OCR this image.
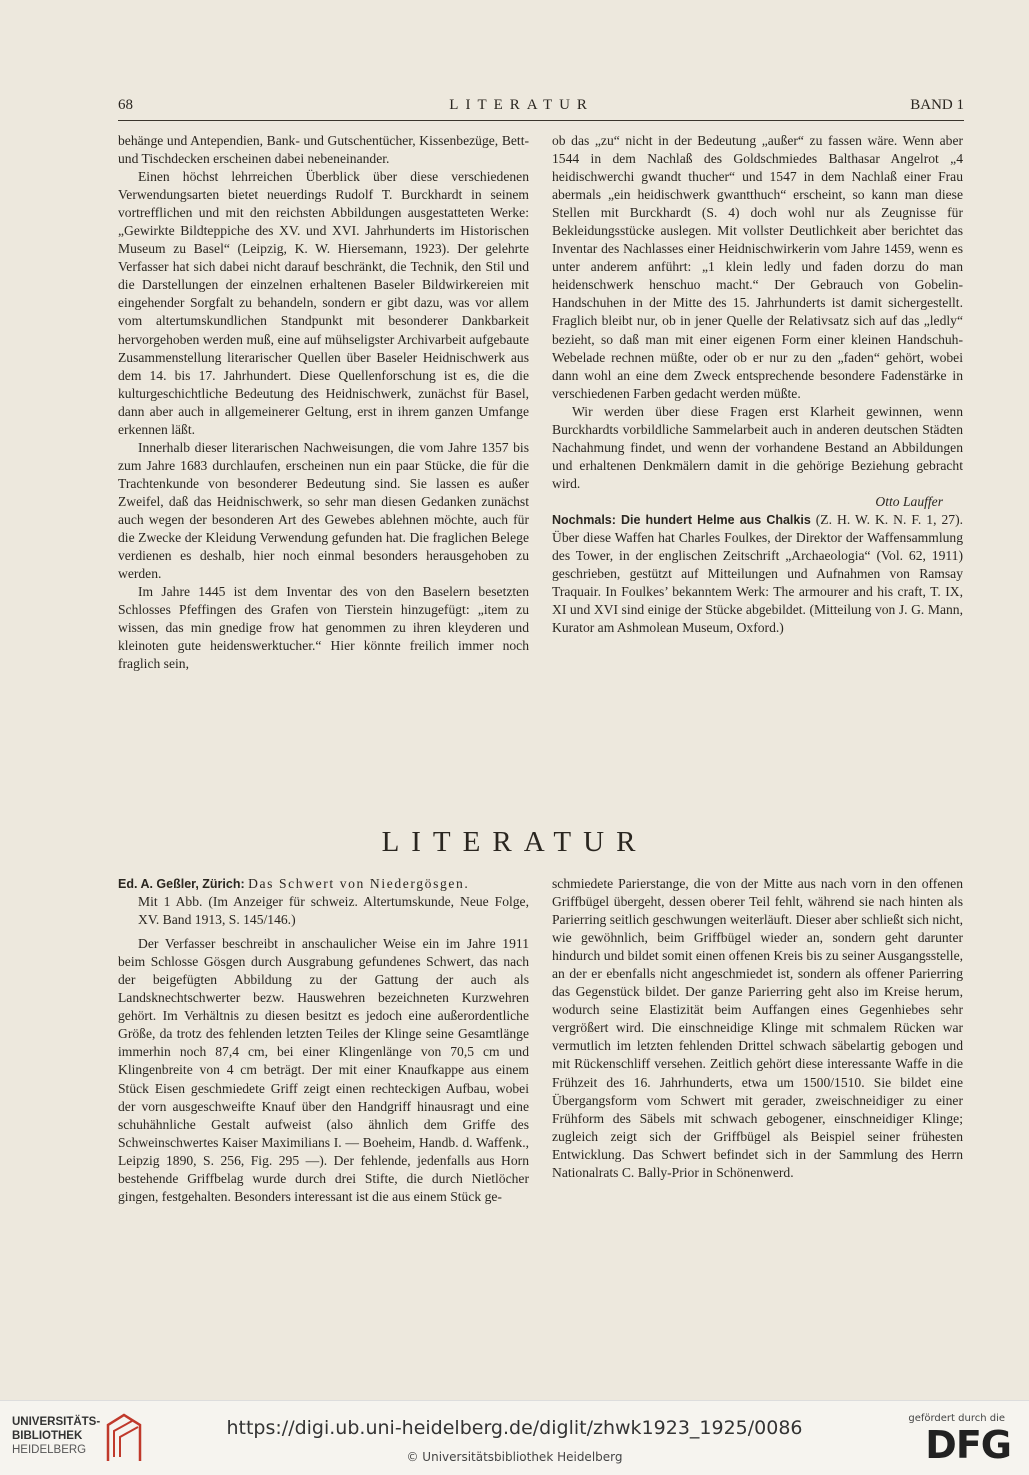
68	LITERATUR	BAND 1

behänge und Antependien, Bank- und Gutschentücher, Kissenbezüge, Bett- und Tischdecken erscheinen dabei nebeneinander.

Einen höchst lehrreichen Überblick über diese verschiedenen Verwendungsarten bietet neuerdings Rudolf T. Burckhardt in seinem vortrefflichen und mit den reichsten Abbildungen ausgestatteten Werke: „Gewirkte Bildteppiche des XV. und XVI. Jahrhunderts im Historischen Museum zu Basel“ (Leipzig, K. W. Hiersemann, 1923). Der gelehrte Verfasser hat sich dabei nicht darauf beschränkt, die Technik, den Stil und die Darstellungen der einzelnen erhaltenen Baseler Bildwirkereien mit eingehender Sorgfalt zu behandeln, sondern er gibt dazu, was vor allem vom altertumskundlichen Standpunkt mit besonderer Dankbarkeit hervorgehoben werden muß, eine auf mühseligster Archivarbeit aufgebaute Zusammenstellung literarischer Quellen über Baseler Heidnischwerk aus dem 14. bis 17. Jahrhundert. Diese Quellenforschung ist es, die die kulturgeschichtliche Bedeutung des Heidnischwerk, zunächst für Basel, dann aber auch in allgemeinerer Geltung, erst in ihrem ganzen Umfange erkennen läßt.

Innerhalb dieser literarischen Nachweisungen, die vom Jahre 1357 bis zum Jahre 1683 durchlaufen, erscheinen nun ein paar Stücke, die für die Trachtenkunde von besonderer Bedeutung sind. Sie lassen es außer Zweifel, daß das Heidnischwerk, so sehr man diesen Gedanken zunächst auch wegen der besonderen Art des Gewebes ablehnen möchte, auch für die Zwecke der Kleidung Verwendung gefunden hat. Die fraglichen Belege verdienen es deshalb, hier noch einmal besonders herausgehoben zu werden.

Im Jahre 1445 ist dem Inventar des von den Baselern besetzten Schlosses Pfeffingen des Grafen von Tierstein hinzugefügt: „item zu wissen, das min gnedige frow hat genommen zu ihren kleyderen und kleinoten gute heidenswerktucher.“ Hier könnte freilich immer noch fraglich sein,

ob das „zu“ nicht in der Bedeutung „außer“ zu fassen wäre. Wenn aber 1544 in dem Nachlaß des Goldschmiedes Balthasar Angelrot „4 heidischwerchi gwandt thucher“ und 1547 in dem Nachlaß einer Frau abermals „ein heidischwerk gwantthuch“ erscheint, so kann man diese Stellen mit Burckhardt (S. 4) doch wohl nur als Zeugnisse für Bekleidungsstücke auslegen. Mit vollster Deutlichkeit aber berichtet das Inventar des Nachlasses einer Heidnischwirkerin vom Jahre 1459, wenn es unter anderem anführt: „1 klein ledly und faden dorzu do man heidenschwerk henschuo macht.“ Der Gebrauch von Gobelin-Handschuhen in der Mitte des 15. Jahrhunderts ist damit sichergestellt. Fraglich bleibt nur, ob in jener Quelle der Relativsatz sich auf das „ledly“ bezieht, so daß man mit einer eigenen Form einer kleinen Handschuh-Webelade rechnen müßte, oder ob er nur zu den „faden“ gehört, wobei dann wohl an eine dem Zweck entsprechende besondere Fadenstärke in verschiedenen Farben gedacht werden müßte.

Wir werden über diese Fragen erst Klarheit gewinnen, wenn Burckhardts vorbildliche Sammelarbeit auch in anderen deutschen Städten Nachahmung findet, und wenn der vorhandene Bestand an Abbildungen und erhaltenen Denkmälern damit in die gehörige Beziehung gebracht wird.

Otto Lauffer

Nochmals: Die hundert Helme aus Chalkis (Z. H. W. K. N. F. 1, 27). Über diese Waffen hat Charles Foulkes, der Direktor der Waffensammlung des Tower, in der englischen Zeitschrift „Archaeologia“ (Vol. 62, 1911) geschrieben, gestützt auf Mitteilungen und Aufnahmen von Ramsay Traquair. In Foulkes’ bekanntem Werk: The armourer and his craft, T. IX, XI und XVI sind einige der Stücke abgebildet. (Mitteilung von J. G. Mann, Kurator am Ashmolean Museum, Oxford.)

LITERATUR

Ed. A. Geßler, Zürich: Das Schwert von Niedergösgen.

Mit 1 Abb. (Im Anzeiger für schweiz. Altertumskunde, Neue Folge, XV. Band 1913, S. 145/146.)

Der Verfasser beschreibt in anschaulicher Weise ein im Jahre 1911 beim Schlosse Gösgen durch Ausgrabung gefundenes Schwert, das nach der beigefügten Abbildung zu der Gattung der auch als Landsknechtschwerter bezw. Hauswehren bezeichneten Kurzwehren gehört. Im Verhältnis zu diesen besitzt es jedoch eine außerordentliche Größe, da trotz des fehlenden letzten Teiles der Klinge seine Gesamtlänge immerhin noch 87,4 cm, bei einer Klingenlänge von 70,5 cm und Klingenbreite von 4 cm beträgt. Der mit einer Knaufkappe aus einem Stück Eisen geschmiedete Griff zeigt einen rechteckigen Aufbau, wobei der vorn ausgeschweifte Knauf über den Handgriff hinausragt und eine schuhähnliche Gestalt aufweist (also ähnlich dem Griffe des Schweinschwertes Kaiser Maximilians I. — Boeheim, Handb. d. Waffenk., Leipzig 1890, S. 256, Fig. 295 —). Der fehlende, jedenfalls aus Horn bestehende Griffbelag wurde durch drei Stifte, die durch Nietlöcher gingen, festgehalten. Besonders interessant ist die aus einem Stück ge-

schmiedete Parierstange, die von der Mitte aus nach vorn in den offenen Griffbügel übergeht, dessen oberer Teil fehlt, während sie nach hinten als Parierring seitlich geschwungen weiterläuft. Dieser aber schließt sich nicht, wie gewöhnlich, beim Griffbügel wieder an, sondern geht darunter hindurch und bildet somit einen offenen Kreis bis zu seiner Ausgangsstelle, an der er ebenfalls nicht angeschmiedet ist, sondern als offener Parierring das Gegenstück bildet. Der ganze Parierring geht also im Kreise herum, wodurch seine Elastizität beim Auffangen eines Gegenhiebes sehr vergrößert wird. Die einschneidige Klinge mit schmalem Rücken war vermutlich im letzten fehlenden Drittel schwach säbelartig gebogen und mit Rückenschliff versehen. Zeitlich gehört diese interessante Waffe in die Frühzeit des 16. Jahrhunderts, etwa um 1500/1510. Sie bildet eine Übergangsform vom Schwert mit gerader, zweischneidiger zu einer Frühform des Säbels mit schwach gebogener, einschneidiger Klinge; zugleich zeigt sich der Griffbügel als Beispiel seiner frühesten Entwicklung. Das Schwert befindet sich in der Sammlung des Herrn Nationalrats C. Bally-Prior in Schönenwerd.

UNIVERSITÄTS-
BIBLIOTHEK
HEIDELBERG
https://digi.ub.uni-heidelberg.de/diglit/zhwk1923_1925/0086
© Universitätsbibliothek Heidelberg
gefördert durch die
DFG
